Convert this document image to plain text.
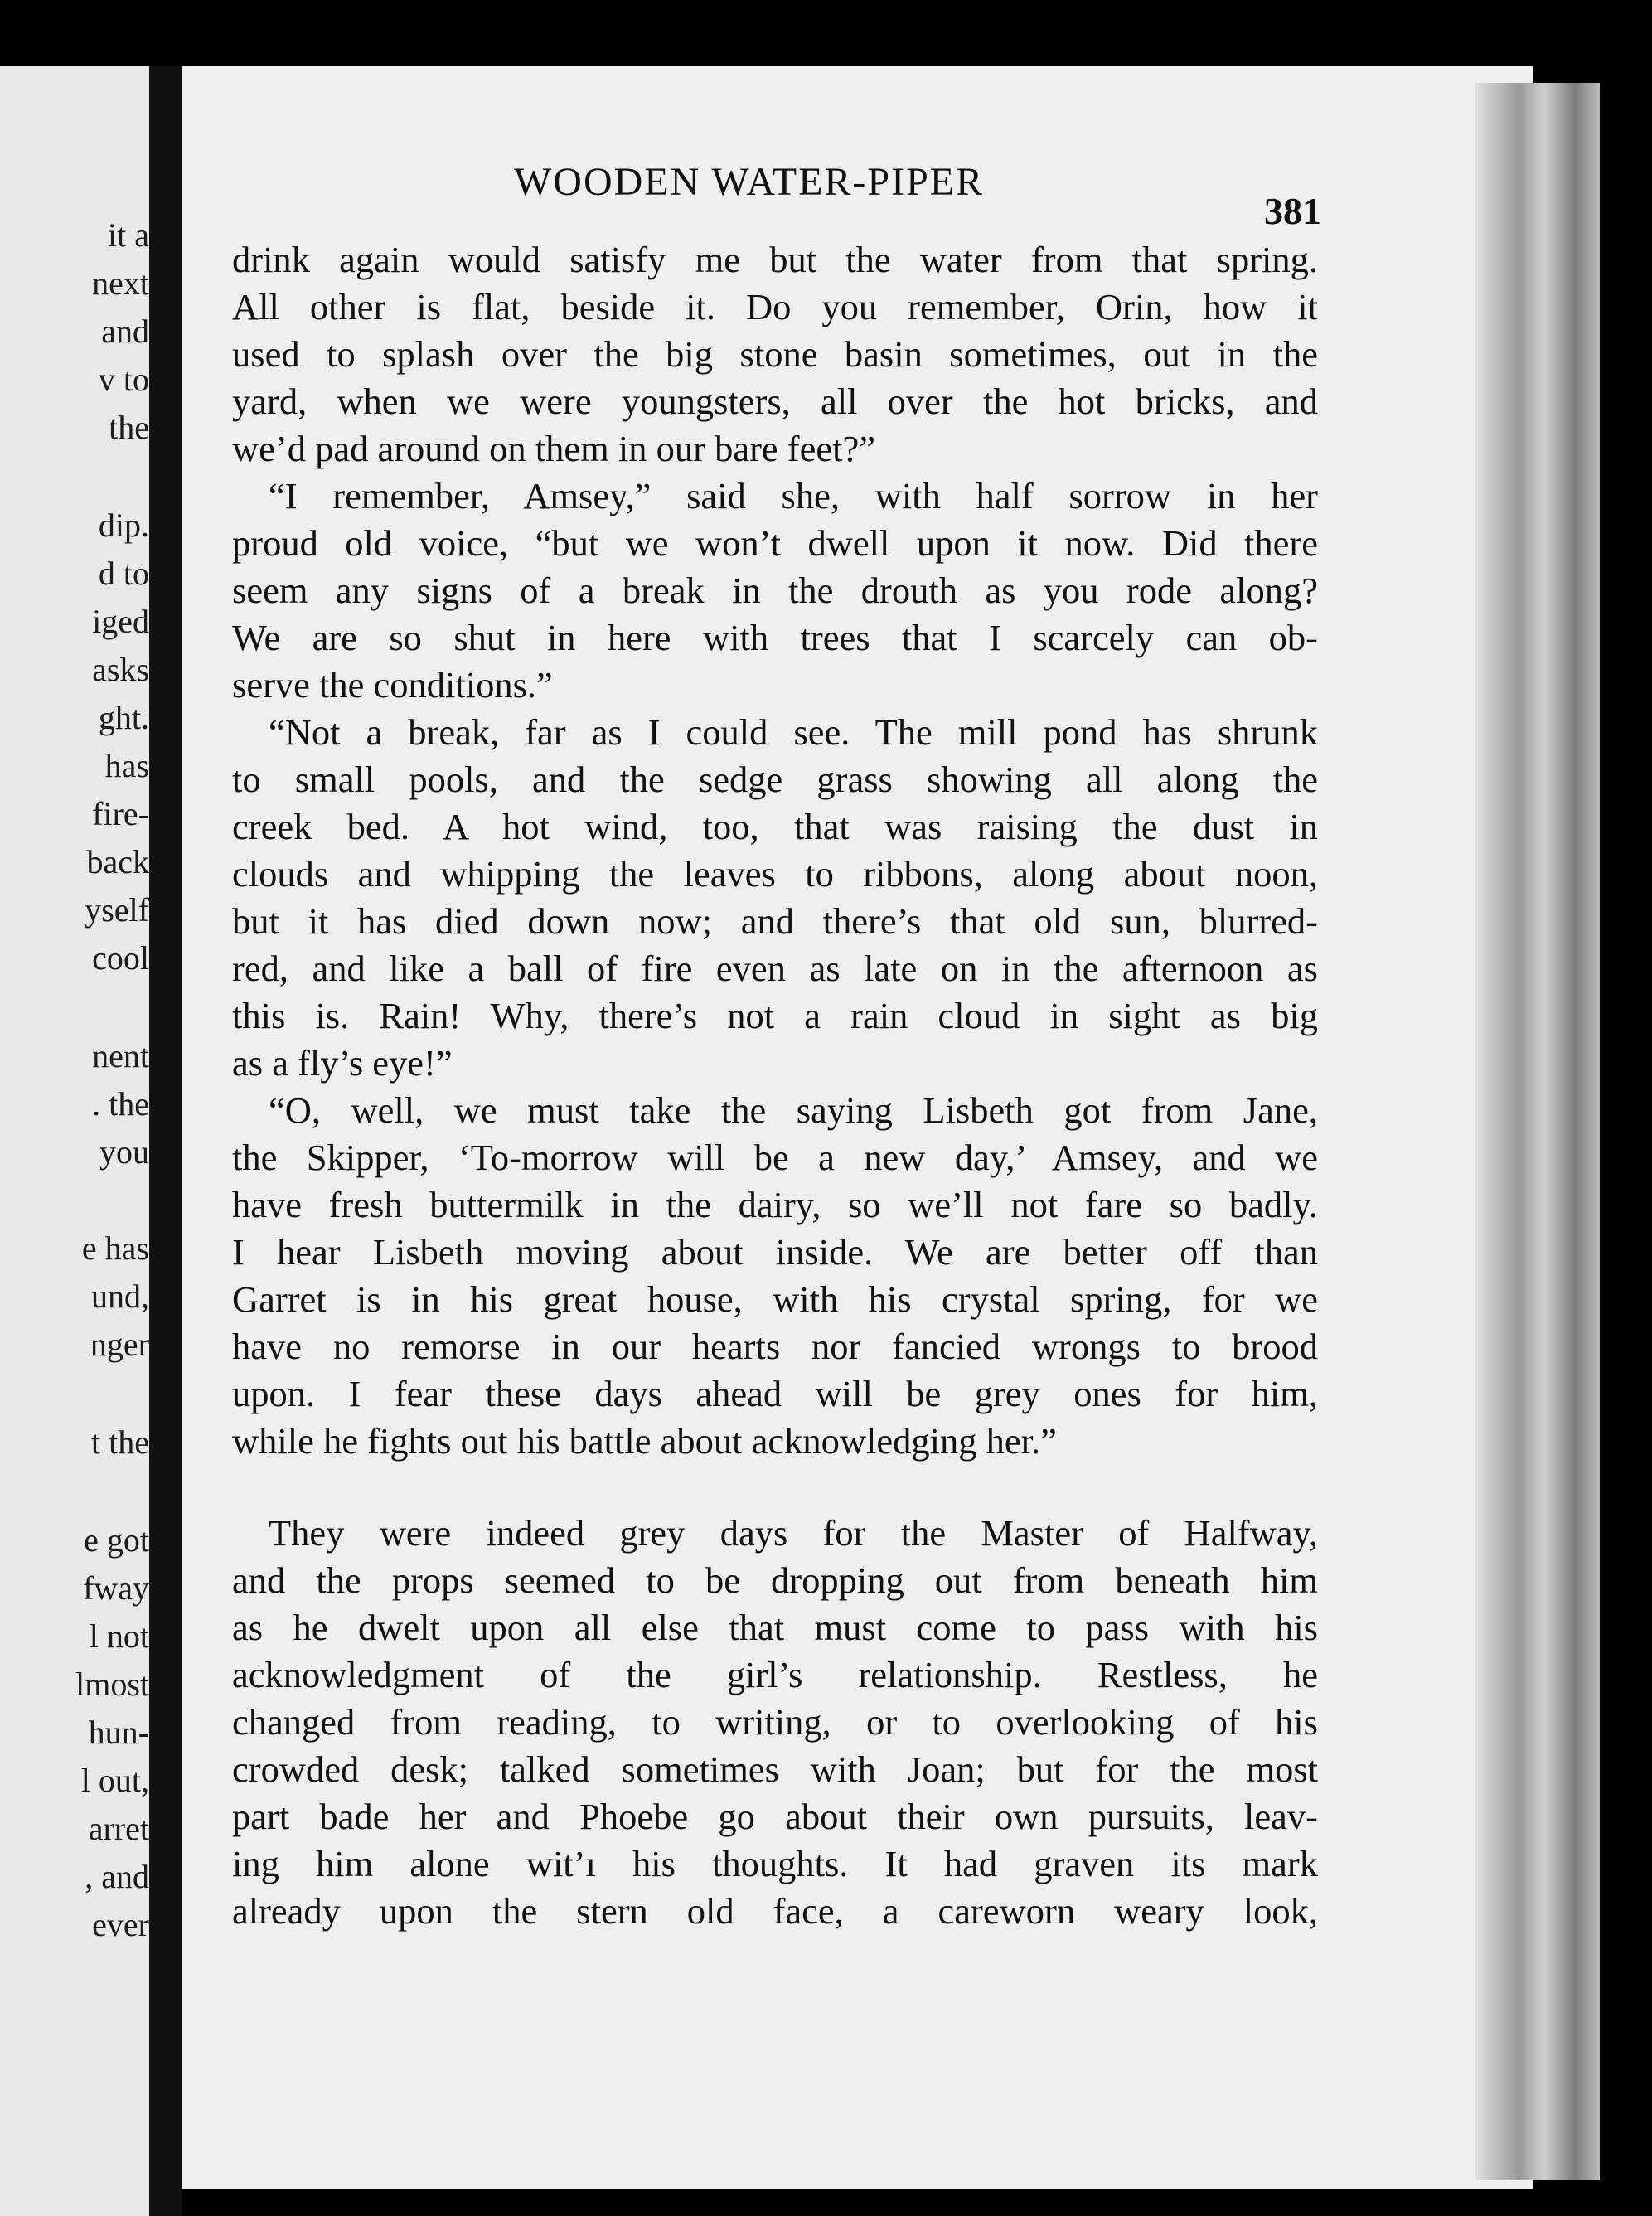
it a
next
and
v to
the
dip.
d to
iged
asks
ght.
has
fire-
back
yself
cool
nent
. the
you
e has
und,
nger
t the
e got
fway
l not
lmost
hun-
l out,
arret
, and
ever
WOODEN WATER-PIPER
381
drink again would satisfy me but the water from that spring.
All other is flat, beside it. Do you remember, Orin, how it
used to splash over the big stone basin sometimes, out in the
yard, when we were youngsters, all over the hot bricks, and
we’d pad around on them in our bare feet?”
“I remember, Amsey,” said she, with half sorrow in her
proud old voice, “but we won’t dwell upon it now. Did there
seem any signs of a break in the drouth as you rode along?
We are so shut in here with trees that I scarcely can ob-
serve the conditions.”
“Not a break, far as I could see. The mill pond has shrunk
to small pools, and the sedge grass showing all along the
creek bed. A hot wind, too, that was raising the dust in
clouds and whipping the leaves to ribbons, along about noon,
but it has died down now; and there’s that old sun, blurred-
red, and like a ball of fire even as late on in the afternoon as
this is. Rain! Why, there’s not a rain cloud in sight as big
as a fly’s eye!”
“O, well, we must take the saying Lisbeth got from Jane,
the Skipper, ‘To-morrow will be a new day,’ Amsey, and we
have fresh buttermilk in the dairy, so we’ll not fare so badly.
I hear Lisbeth moving about inside. We are better off than
Garret is in his great house, with his crystal spring, for we
have no remorse in our hearts nor fancied wrongs to brood
upon. I fear these days ahead will be grey ones for him,
while he fights out his battle about acknowledging her.”
They were indeed grey days for the Master of Halfway,
and the props seemed to be dropping out from beneath him
as he dwelt upon all else that must come to pass with his
acknowledgment of the girl’s relationship. Restless, he
changed from reading, to writing, or to overlooking of his
crowded desk; talked sometimes with Joan; but for the most
part bade her and Phoebe go about their own pursuits, leav-
ing him alone wit’ı his thoughts. It had graven its mark
already upon the stern old face, a careworn weary look,
